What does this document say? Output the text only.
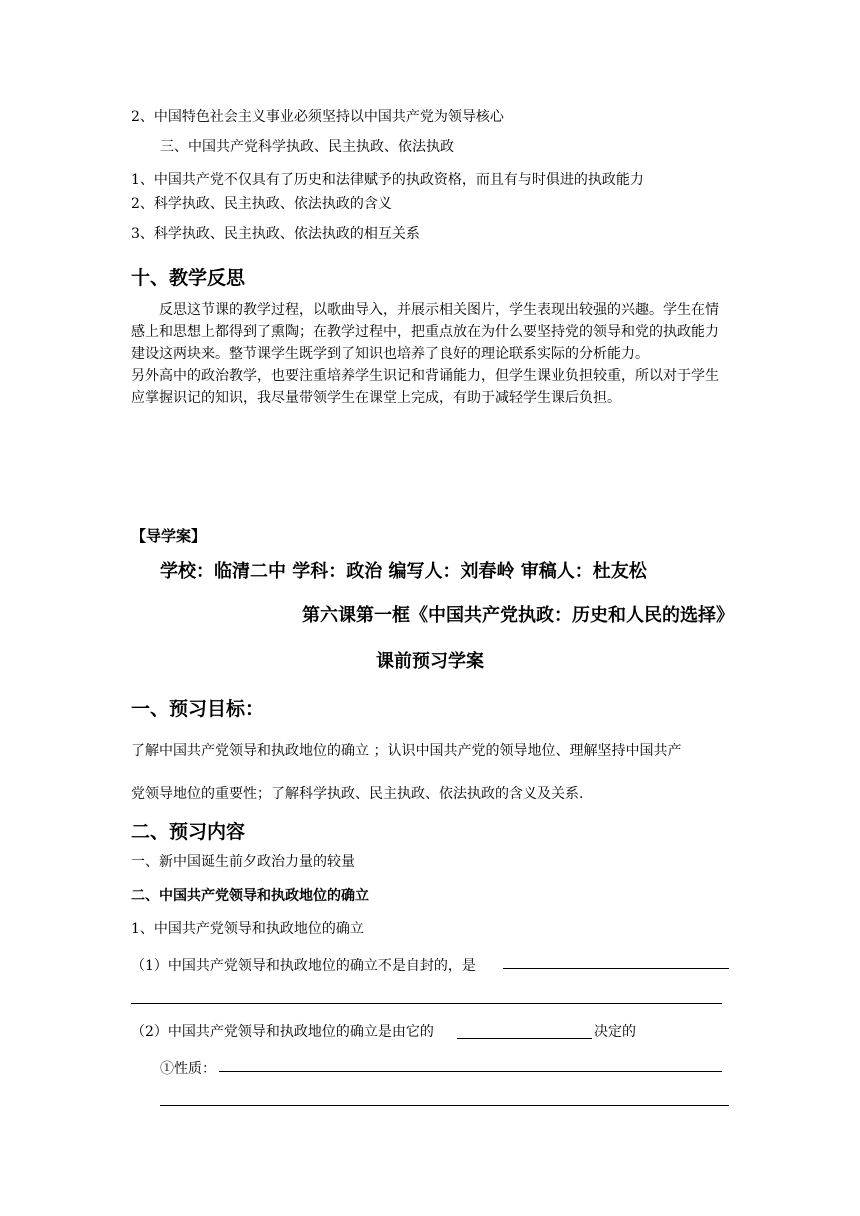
2、中国特色社会主义事业必须坚持以中国共产党为领导核心
三、中国共产党科学执政、民主执政、依法执政
1、中国共产党不仅具有了历史和法律赋予的执政资格，而且有与时俱进的执政能力
2、科学执政、民主执政、依法执政的含义
3、科学执政、民主执政、依法执政的相互关系
十、教学反思

反思这节课的教学过程，以歌曲导入，并展示相关图片，学生表现出较强的兴趣。学生在情感上和思想上都得到了熏陶；在教学过程中，把重点放在为什么要坚持党的领导和党的执政能力建设这两块来。整节课学生既学到了知识也培养了良好的理论联系实际的分析能力。

另外高中的政治教学，也要注重培养学生识记和背诵能力，但学生课业负担较重，所以对于学生应掌握识记的知识，我尽量带领学生在课堂上完成，有助于减轻学生课后负担。

【导学案】
学校：临清二中 学科：政治 编写人：刘春岭 审稿人：杜友松
第六课第一框《中国共产党执政：历史和人民的选择》
课前预习学案
一、预习目标：
了解中国共产党领导和执政地位的确立 ；认识中国共产党的领导地位、理解坚持中国共产
党领导地位的重要性；了解科学执政、民主执政、依法执政的含义及关系.
二、预习内容
一、新中国诞生前夕政治力量的较量
二、中国共产党领导和执政地位的确立
1、中国共产党领导和执政地位的确立
（1）中国共产党领导和执政地位的确立不是自封的，是
（2）中国共产党领导和执政地位的确立是由它的	决定的
①性质：
